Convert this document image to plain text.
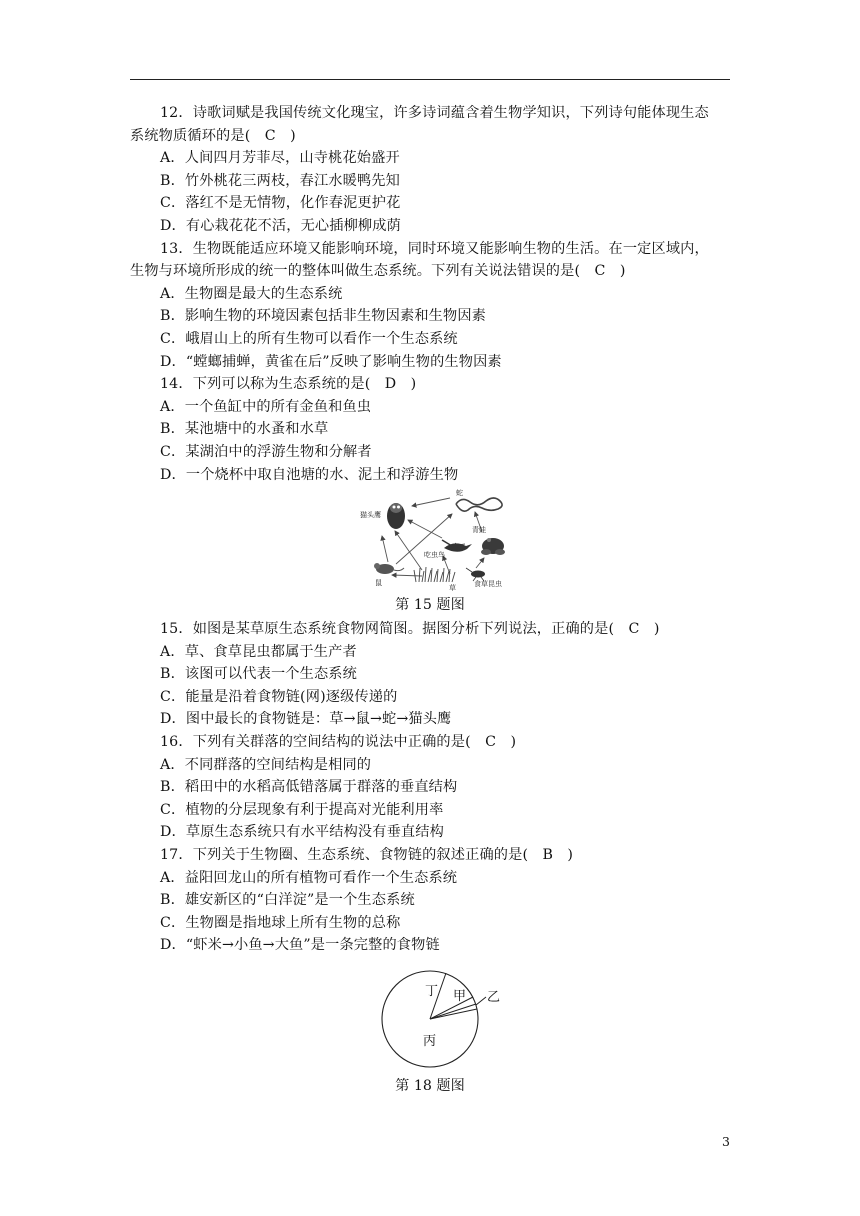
12．诗歌词赋是我国传统文化瑰宝，许多诗词蕴含着生物学知识，下列诗句能体现生态
系统物质循环的是(　C　)
A．人间四月芳菲尽，山寺桃花始盛开
B．竹外桃花三两枝，春江水暖鸭先知
C．落红不是无情物，化作春泥更护花
D．有心栽花花不活，无心插柳柳成荫
13．生物既能适应环境又能影响环境，同时环境又能影响生物的生活。在一定区域内，
生物与环境所形成的统一的整体叫做生态系统。下列有关说法错误的是(　C　)
A．生物圈是最大的生态系统
B．影响生物的环境因素包括非生物因素和生物因素
C．峨眉山上的所有生物可以看作一个生态系统
D．“螳螂捕蝉，黄雀在后”反映了影响生物的生物因素
14．下列可以称为生态系统的是(　D　)
A．一个鱼缸中的所有金鱼和鱼虫
B．某池塘中的水蚤和水草
C．某湖泊中的浮游生物和分解者
D．一个烧杯中取自池塘的水、泥土和浮游生物
猫头鹰
蛇
青蛙
吃虫鸟
鼠
草	食草昆虫
第 15 题图
15．如图是某草原生态系统食物网简图。据图分析下列说法，正确的是(　C　)
A．草、食草昆虫都属于生产者
B．该图可以代表一个生态系统
C．能量是沿着食物链(网)逐级传递的
D．图中最长的食物链是：草→鼠→蛇→猫头鹰
16．下列有关群落的空间结构的说法中正确的是(　C　)
A．不同群落的空间结构是相同的
B．稻田中的水稻高低错落属于群落的垂直结构
C．植物的分层现象有利于提高对光能利用率
D．草原生态系统只有水平结构没有垂直结构
17．下列关于生物圈、生态系统、食物链的叙述正确的是(　B　)
A．益阳回龙山的所有植物可看作一个生态系统
B．雄安新区的“白洋淀”是一个生态系统
C．生物圈是指地球上所有生物的总称
D．“虾米→小鱼→大鱼”是一条完整的食物链
丁 甲 乙
丙
第 18 题图
3
